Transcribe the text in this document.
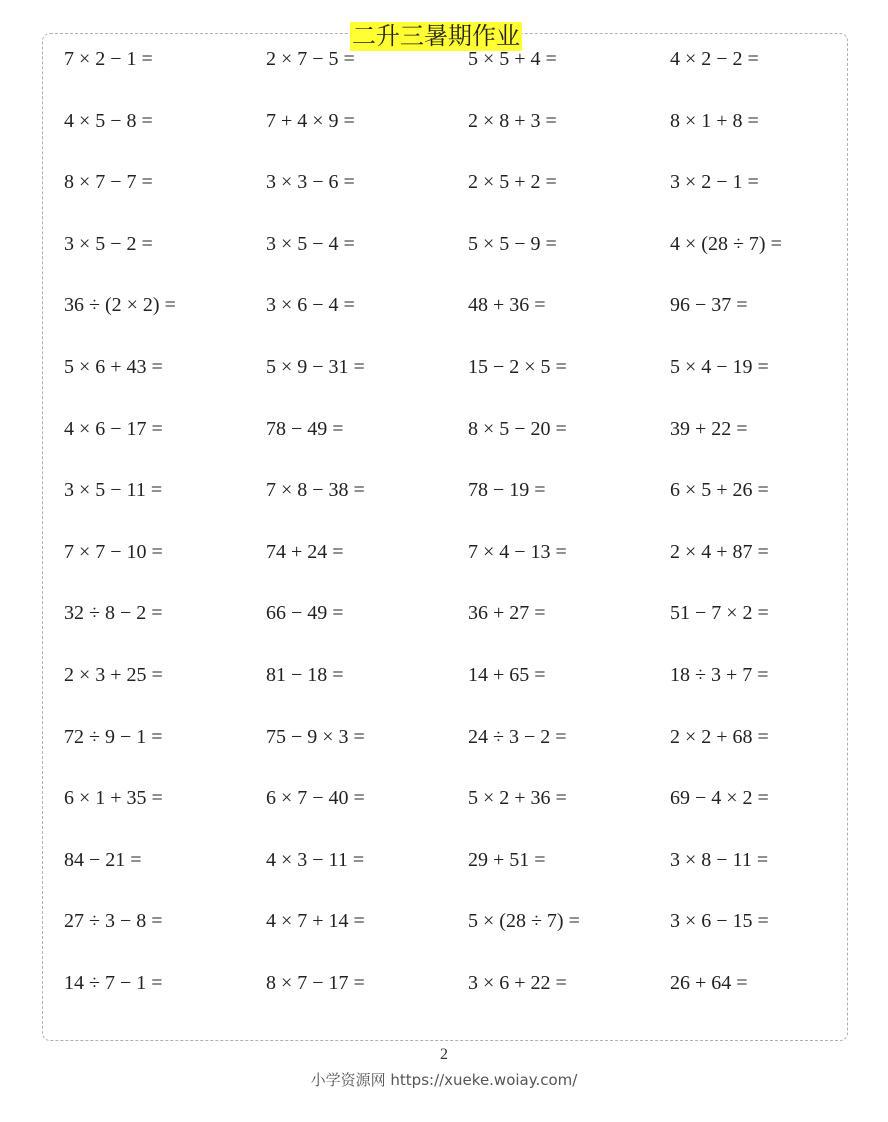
二升三暑期作业
7 × 2 − 1 =	2 × 7 − 5 =	5 × 5 + 4 =	4 × 2 − 2 =
4 × 5 − 8 =	7 + 4 × 9 =	2 × 8 + 3 =	8 × 1 + 8 =
8 × 7 − 7 =	3 × 3 − 6 =	2 × 5 + 2 =	3 × 2 − 1 =
3 × 5 − 2 =	3 × 5 − 4 =	5 × 5 − 9 =	4 × (28 ÷ 7) =
36 ÷ (2 × 2) =	3 × 6 − 4 =	48 + 36 =	96 − 37 =
5 × 6 + 43 =	5 × 9 − 31 =	15 − 2 × 5 =	5 × 4 − 19 =
4 × 6 − 17 =	78 − 49 =	8 × 5 − 20 =	39 + 22 =
3 × 5 − 11 =	7 × 8 − 38 =	78 − 19 =	6 × 5 + 26 =
7 × 7 − 10 =	74 + 24 =	7 × 4 − 13 =	2 × 4 + 87 =
32 ÷ 8 − 2 =	66 − 49 =	36 + 27 =	51 − 7 × 2 =
2 × 3 + 25 =	81 − 18 =	14 + 65 =	18 ÷ 3 + 7 =
72 ÷ 9 − 1 =	75 − 9 × 3 =	24 ÷ 3 − 2 =	2 × 2 + 68 =
6 × 1 + 35 =	6 × 7 − 40 =	5 × 2 + 36 =	69 − 4 × 2 =
84 − 21 =	4 × 3 − 11 =	29 + 51 =	3 × 8 − 11 =
27 ÷ 3 − 8 =	4 × 7 + 14 =	5 × (28 ÷ 7) =	3 × 6 − 15 =
14 ÷ 7 − 1 =	8 × 7 − 17 =	3 × 6 + 22 =	26 + 64 =
2
小学资源网 https://xueke.woiay.com/
